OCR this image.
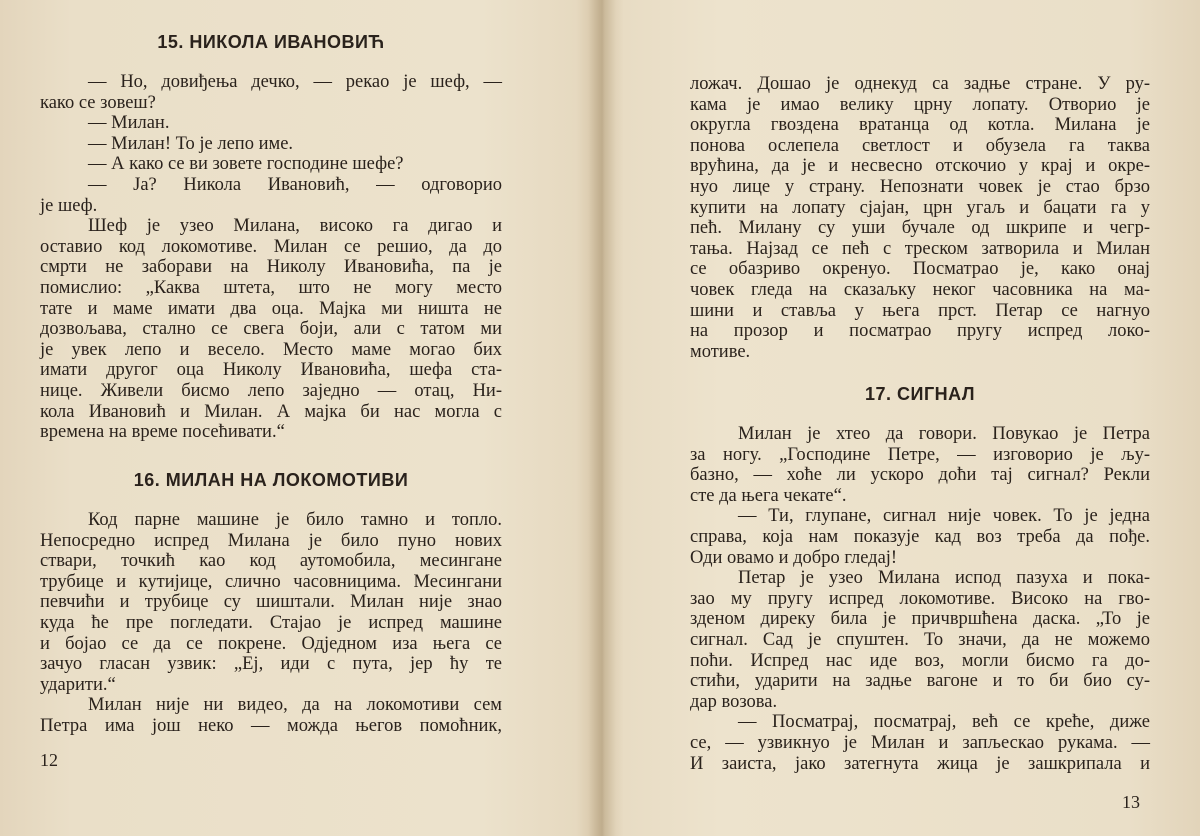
15. НИКОЛА ИВАНОВИЋ
— Но, довиђења дечко, — рекао је шеф, —
како се зовеш?
— Милан.
— Милан! То је лепо име.
— А како се ви зовете господине шефе?
— Ја? Никола Ивановић, — одговорио
је шеф.
Шеф је узео Милана, високо га дигао и
оставио код локомотиве. Милан се решио, да до
смрти не заборави на Николу Ивановића, па је
помислио: „Каква штета, што не могу место
тате и маме имати два оца. Мајка ми ништа не
дозвољава, стално се свега боји, али с татом ми
је увек лепо и весело. Место маме могао бих
имати другог оца Николу Ивановића, шефа ста-
нице. Живели бисмо лепо заједно — отац, Ни-
кола Ивановић и Милан. А мајка би нас могла с
времена на време посећивати.“
16. МИЛАН НА ЛОКОМОТИВИ
Код парне машине је било тамно и топло.
Непосредно испред Милана је било пуно нових
ствари, точкић као код аутомобила, месингане
трубице и кутијице, слично часовницима. Месингани
певчићи и трубице су шиштали. Милан није знао
куда ће пре погледати. Стајао је испред машине
и бојао се да се покрене. Одједном иза њега се
зачуо гласан узвик: „Еј, иди с пута, јер ћу те
ударити.“
Милан није ни видео, да на локомотиви сем
Петра има још неко — можда његов помоћник,
12
ложач. Дошао је однекуд са задње стране. У ру-
кама је имао велику црну лопату. Отворио је
округла гвоздена вратанца од котла. Милана је
понова ослепела светлост и обузела га таква
врућина, да је и несвесно отскочио у крај и окре-
нуо лице у страну. Непознати човек је стао брзо
купити на лопату сјајан, црн угаљ и бацати га у
пећ. Милану су уши бучале од шкрипе и чегр-
тања. Најзад се пећ с треском затворила и Милан
се обазриво окренуо. Посматрао је, како онај
човек гледа на сказаљку неког часовника на ма-
шини и ставља у њега прст. Петар се нагнуо
на прозор и посматрао пругу испред локо-
мотиве.
17. СИГНАЛ
Милан је хтео да говори. Повукао је Петра
за ногу. „Господине Петре, — изговорио је љу-
базно, — хоће ли ускоро доћи тај сигнал? Рекли
сте да њега чекате“.
— Ти, глупане, сигнал није човек. То је једна
справа, која нам показује кад воз треба да пође.
Оди овамо и добро гледај!
Петар је узео Милана испод пазуха и пока-
зао му пругу испред локомотиве. Високо на гво-
зденом диреку била је причвршћена даска. „То је
сигнал. Сад је спуштен. То значи, да не можемо
поћи. Испред нас иде воз, могли бисмо га до-
стићи, ударити на задње вагоне и то би био су-
дар возова.
— Посматрај, посматрај, већ се креће, диже
се, — узвикнуо је Милан и запљескао рукама. —
И заиста, јако затегнута жица је зашкрипала и
13
